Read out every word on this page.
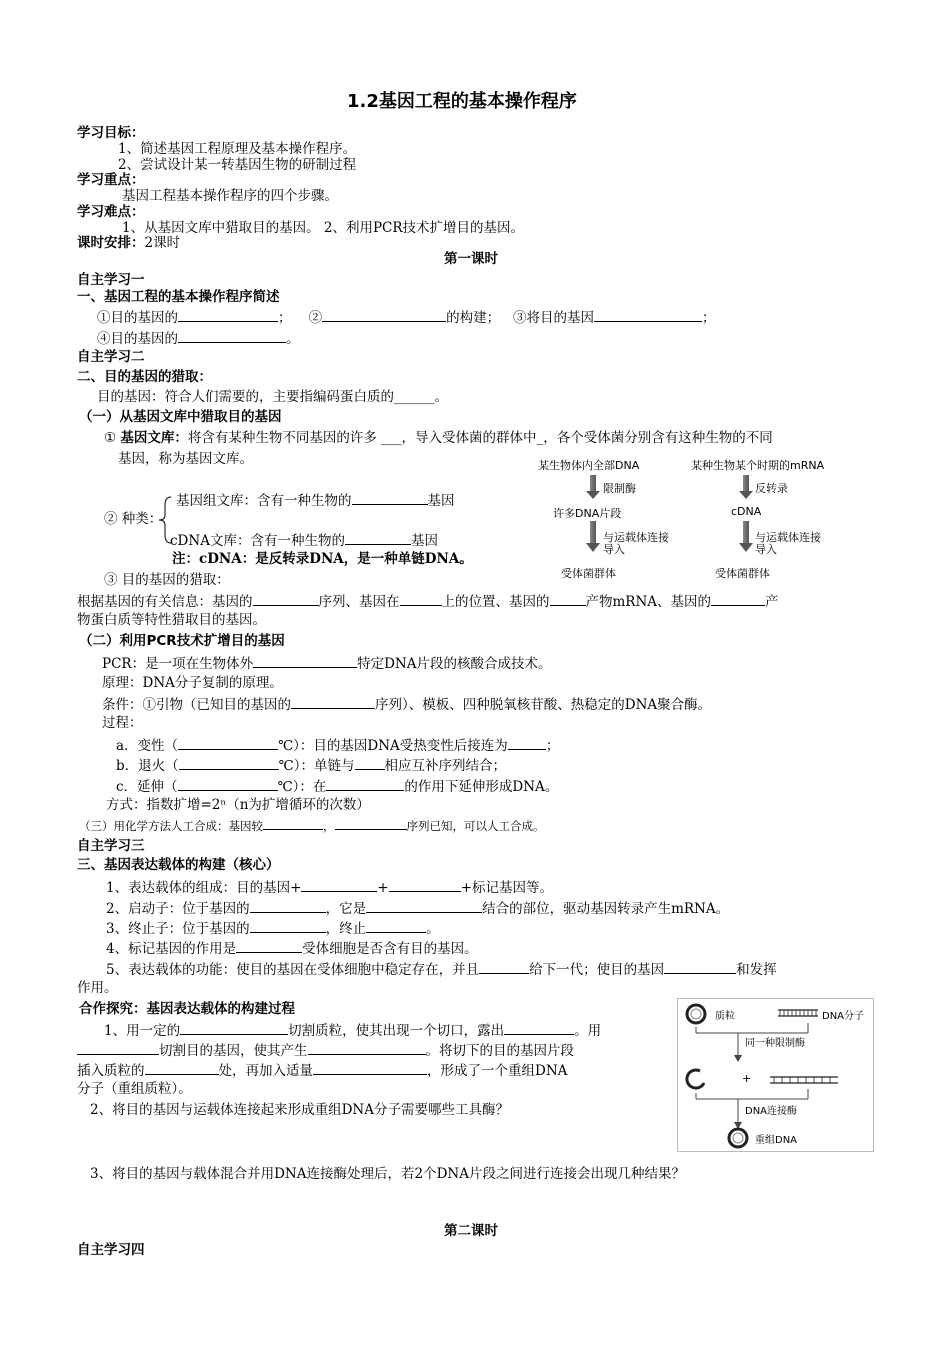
1.2基因工程的基本操作程序
学习目标：
1、简述基因工程原理及基本操作程序。
2、尝试设计某一转基因生物的研制过程
学习重点：
基因工程基本操作程序的四个步骤。
学习难点：
1、从基因文库中猎取目的基因。 2、利用PCR技术扩增目的基因。
课时安排：2课时
第一课时
自主学习一
一、基因工程的基本操作程序简述
①目的基因的	； ②	的构建； ③将目的基因	；
④目的基因的	。
自主学习二
二、目的基因的猎取：
目的基因：符合人们需要的，主要指编码蛋白质的______。
（一）从基因文库中猎取目的基因
① 基因文库：将含有某种生物不同基因的许多 ___，导入受体菌的群体中_，各个受体菌分别含有这种生物的不同
基因，称为基因文库。
② 种类：
基因组文库：含有一种生物的	基因
cDNA文库：含有一种生物的	基因
注：cDNA：是反转录DNA，是一种单链DNA。
③ 目的基因的猎取：
根据基因的有关信息：基因的	序列、基因在	上的位置、基因的	产物mRNA、基因的	产
物蛋白质等特性猎取目的基因。
某生物体内全部DNA
限制酶
许多DNA片段
与运载体连接
导入
受体菌群体
某种生物某个时期的mRNA
反转录
cDNA
与运载体连接
导入
受体菌群体
（二）利用PCR技术扩增目的基因
PCR：是一项在生物体外	特定DNA片段的核酸合成技术。
原理：DNA分子复制的原理。
条件：①引物（已知目的基因的	序列）、模板、四种脱氧核苷酸、热稳定的DNA聚合酶。
过程：
a．变性（	℃）：目的基因DNA受热变性后接连为	；
b．退火（	℃）：单链与 相应互补序列结合；
c．延伸（	℃）：在	的作用下延伸形成DNA。
方式：指数扩增=2ⁿ（n为扩增循环的次数）
（三）用化学方法人工合成：基因较	，	序列已知，可以人工合成。
自主学习三
三、基因表达载体的构建（核心）
1、表达载体的组成：目的基因+	+	+标记基因等。
2、启动子：位于基因的	，它是	结合的部位，驱动基因转录产生mRNA。
3、终止子：位于基因的	，终止	。
4、标记基因的作用是	受体细胞是否含有目的基因。
5、表达载体的功能：使目的基因在受体细胞中稳定存在，并且	给下一代；使目的基因	和发挥
作用。
合作探究：基因表达载体的构建过程
1、用一定的	切割质粒，使其出现一个切口，露出	。用
切割目的基因，使其产生	。将切下的目的基因片段
插入质粒的	处，再加入适量	，形成了一个重组DNA
分子（重组质粒）。
2、将目的基因与运载体连接起来形成重组DNA分子需要哪些工具酶？
质粒	DNA分子
同一种限制酶
+
DNA连接酶
重组DNA
3、将目的基因与载体混合并用DNA连接酶处理后，若2个DNA片段之间进行连接会出现几种结果？
第二课时
自主学习四
